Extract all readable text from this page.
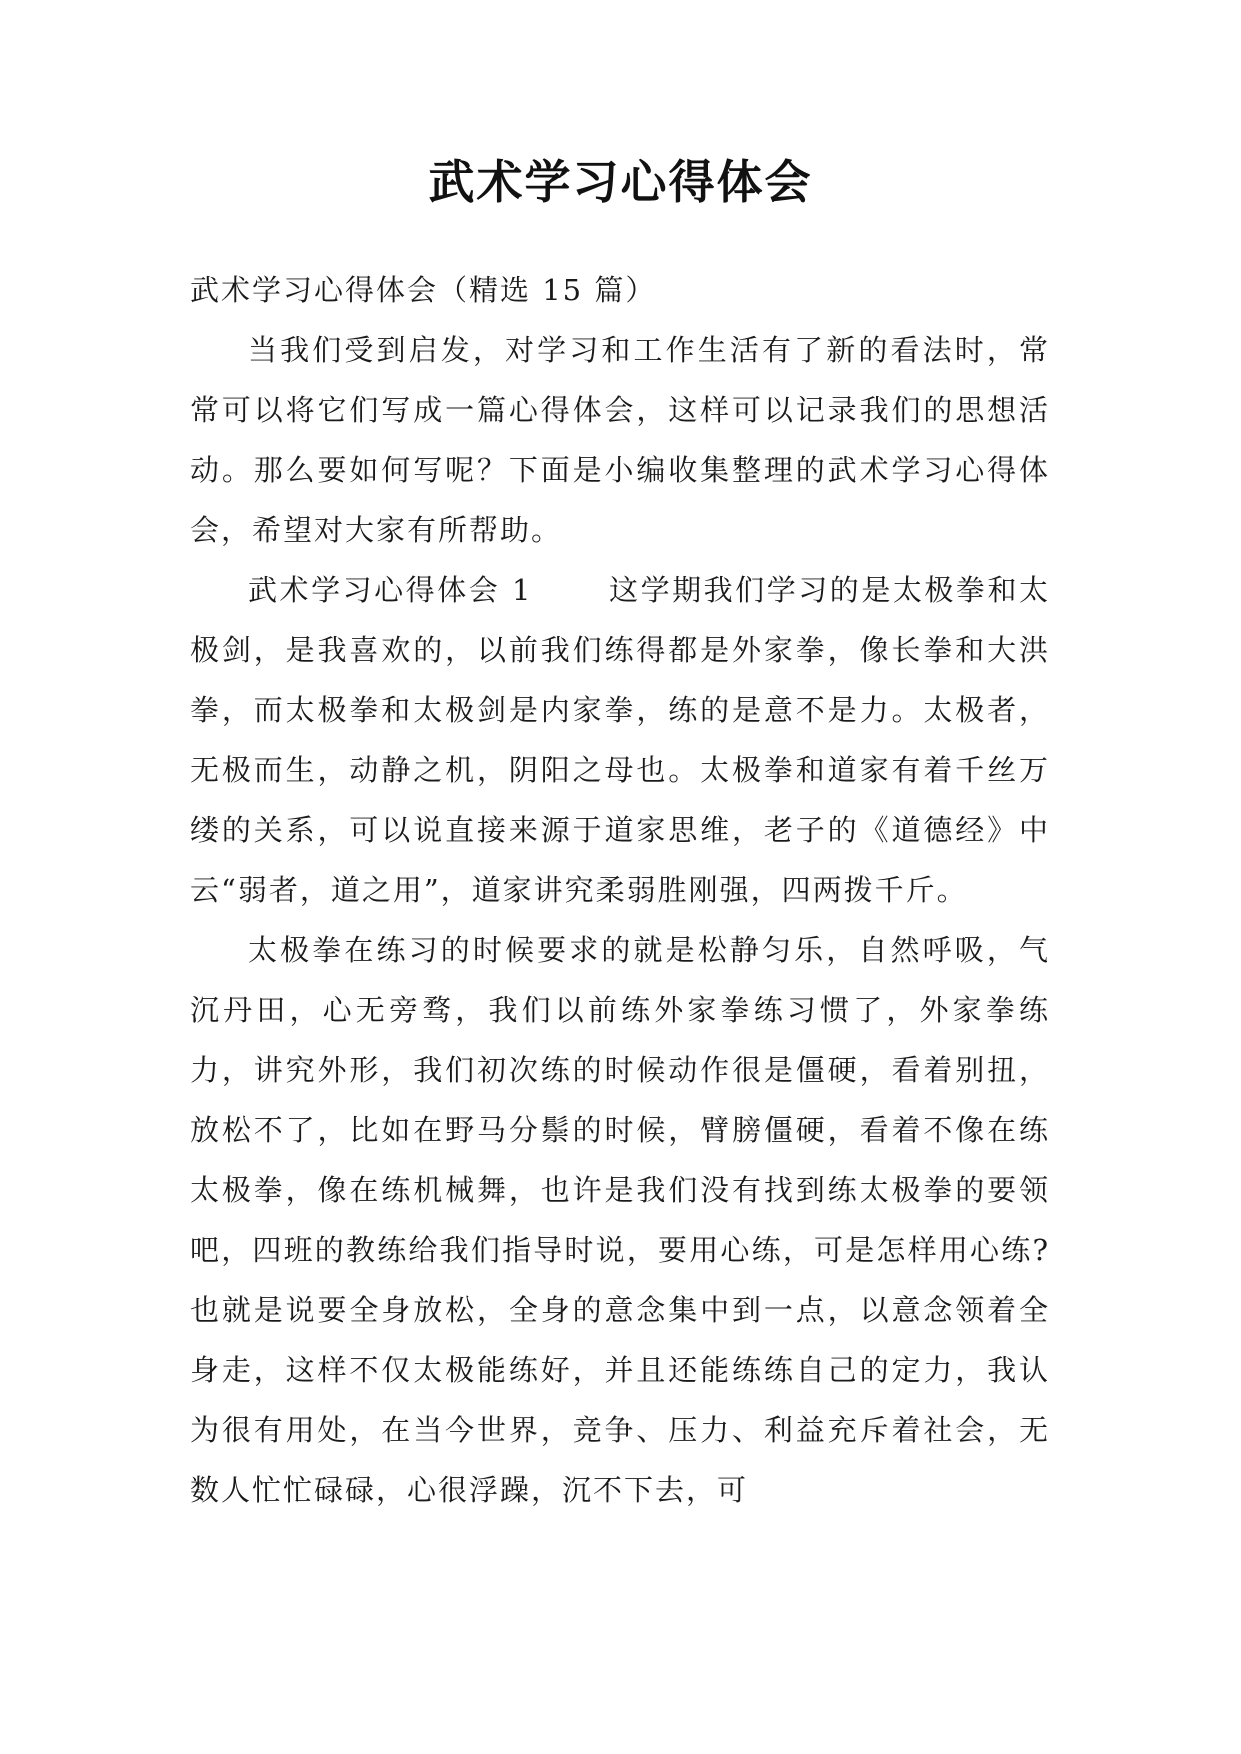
武术学习心得体会

武术学习心得体会（精选 15 篇）

当我们受到启发，对学习和工作生活有了新的看法时，常常可以将它们写成一篇心得体会，这样可以记录我们的思想活动。那么要如何写呢？下面是小编收集整理的武术学习心得体会，希望对大家有所帮助。

武术学习心得体会 1	这学期我们学习的是太极拳和太极剑，是我喜欢的，以前我们练得都是外家拳，像长拳和大洪拳，而太极拳和太极剑是内家拳，练的是意不是力。太极者，无极而生，动静之机，阴阳之母也。太极拳和道家有着千丝万缕的关系，可以说直接来源于道家思维，老子的《道德经》中云“弱者，道之用”，道家讲究柔弱胜刚强，四两拨千斤。

太极拳在练习的时候要求的就是松静匀乐，自然呼吸，气沉丹田，心无旁骛，我们以前练外家拳练习惯了，外家拳练力，讲究外形，我们初次练的时候动作很是僵硬，看着别扭，放松不了，比如在野马分鬃的时候，臂膀僵硬，看着不像在练太极拳，像在练机械舞，也许是我们没有找到练太极拳的要领吧，四班的教练给我们指导时说，要用心练，可是怎样用心练?也就是说要全身放松，全身的意念集中到一点，以意念领着全身走，这样不仅太极能练好，并且还能练练自己的定力，我认为很有用处，在当今世界，竞争、压力、利益充斥着社会，无数人忙忙碌碌，心很浮躁，沉不下去，可
